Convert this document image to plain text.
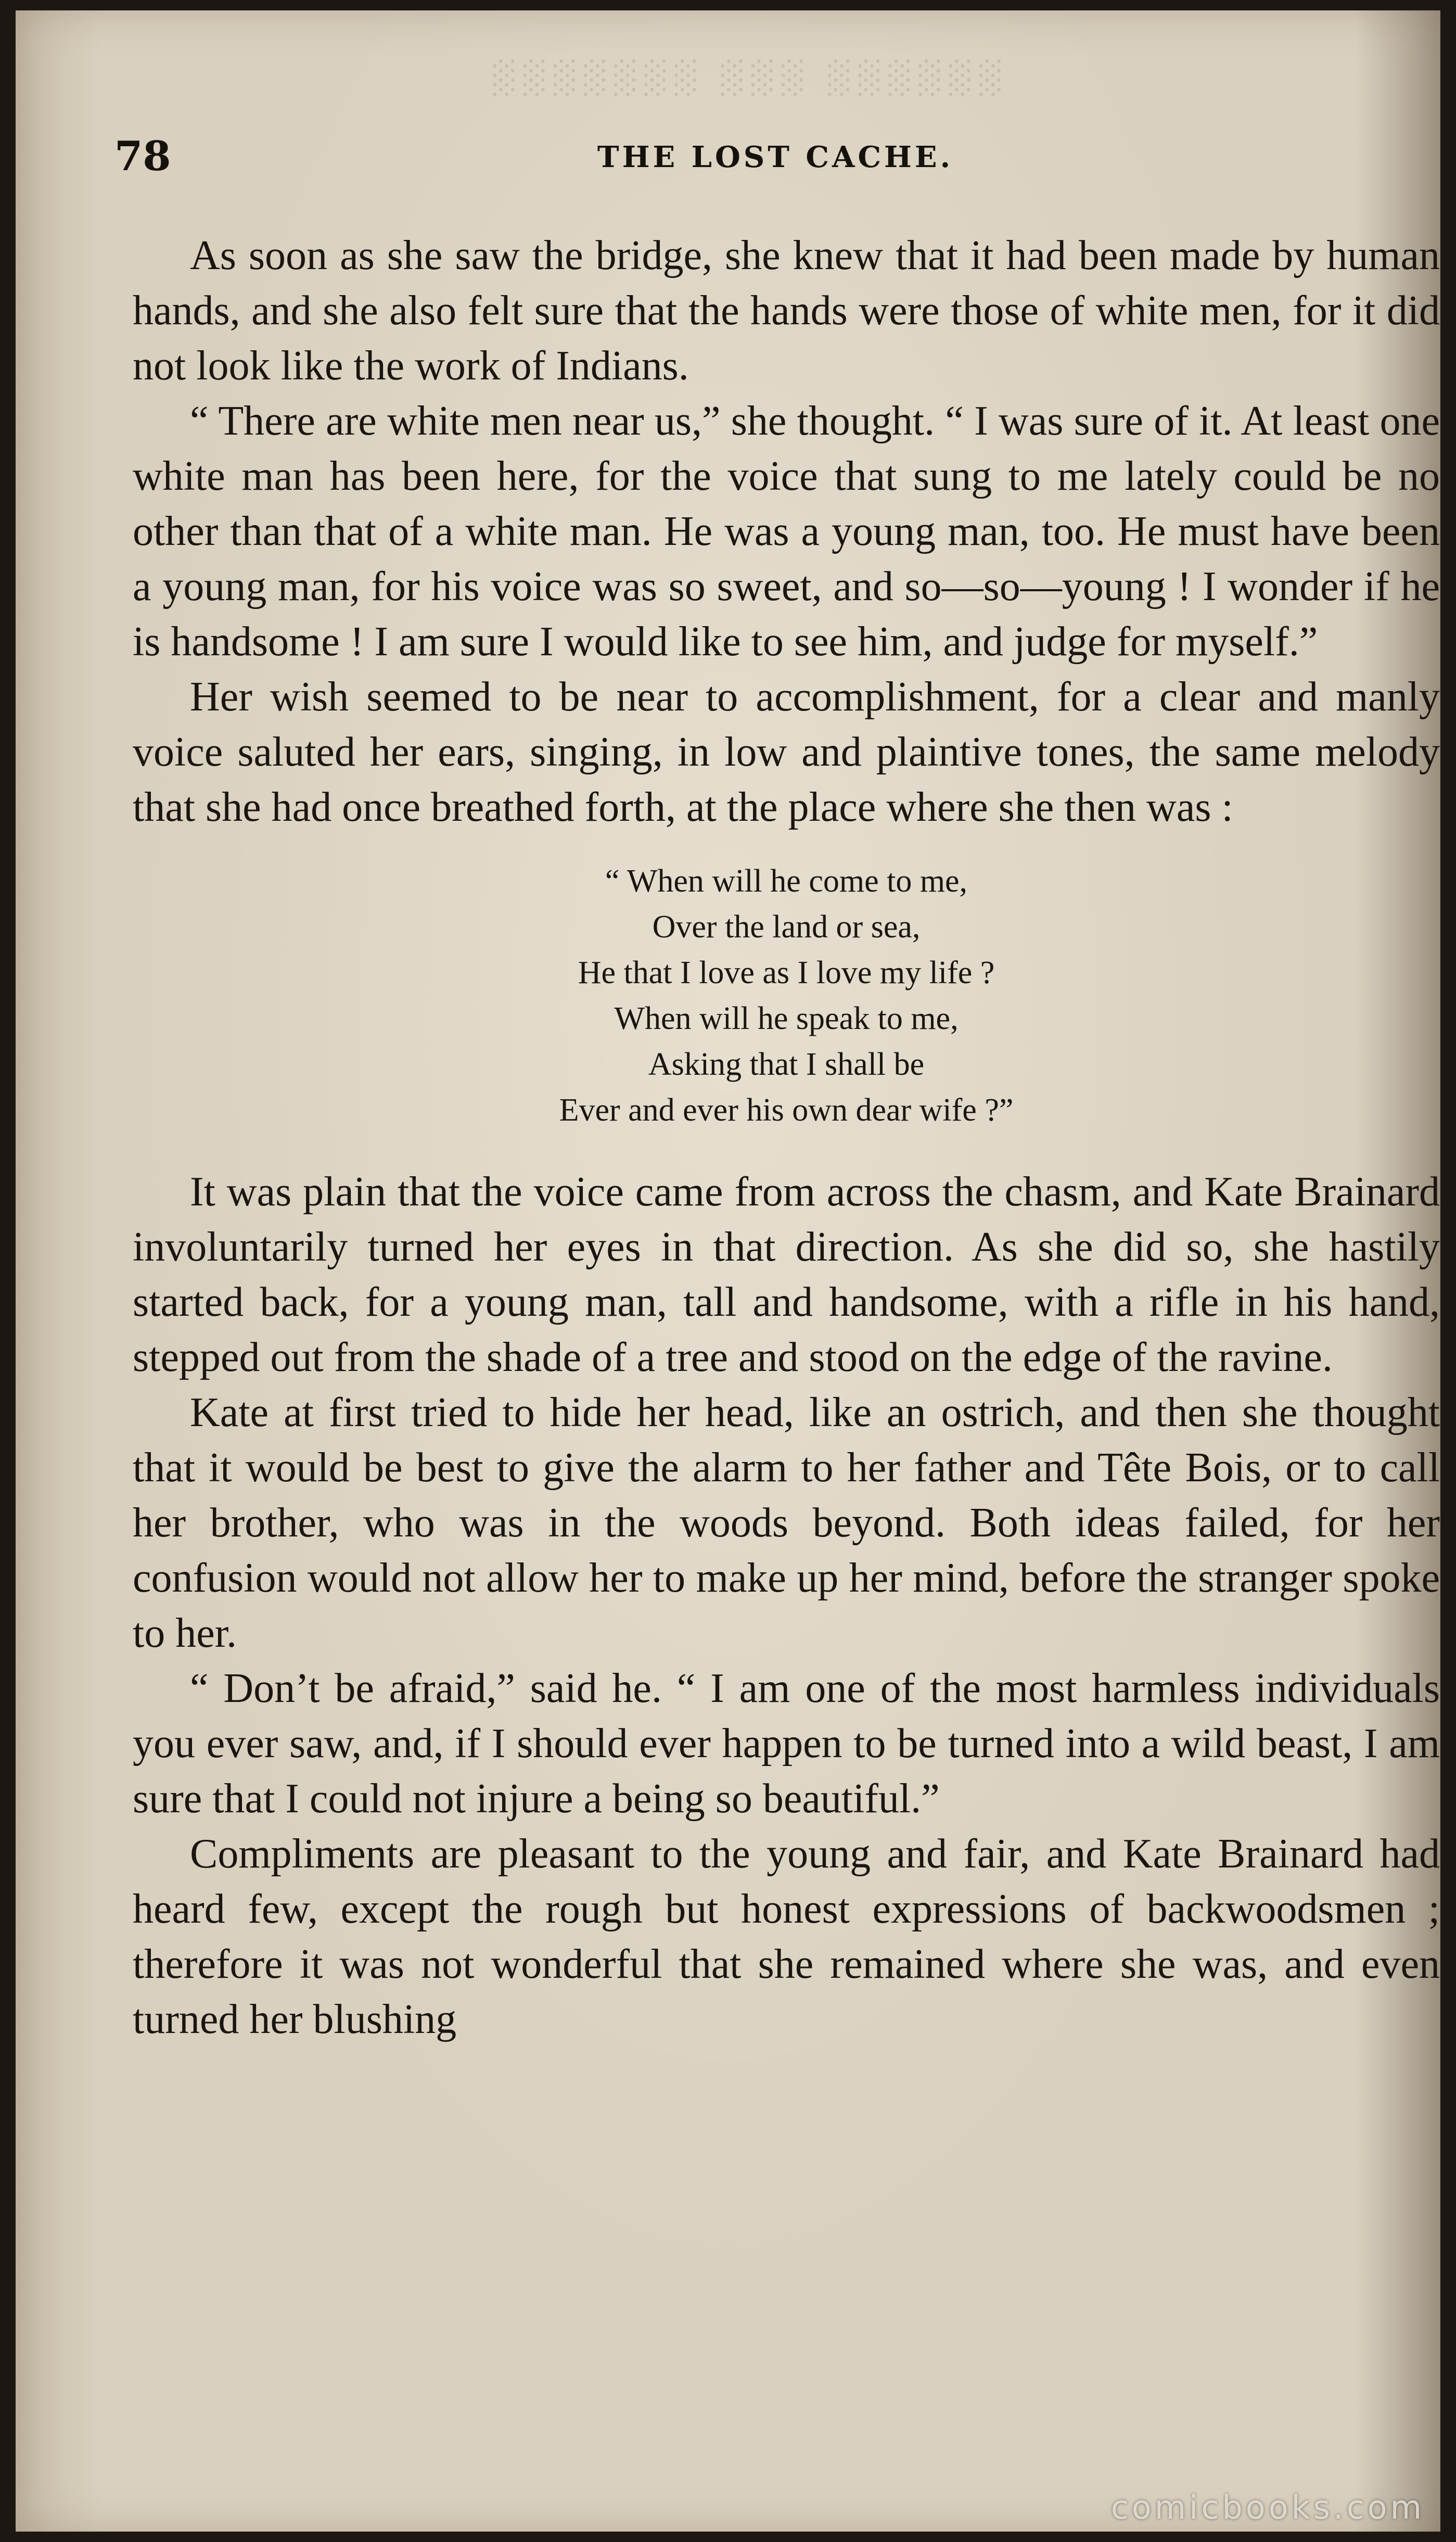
░░░░░░ ░░░ ░░░░░░░
78	THE LOST CACHE.

As soon as she saw the bridge, she knew that it had been made by human hands, and she also felt sure that the hands were those of white men, for it did not look like the work of Indians.

“ There are white men near us,” she thought. “ I was sure of it. At least one white man has been here, for the voice that sung to me lately could be no other than that of a white man. He was a young man, too. He must have been a young man, for his voice was so sweet, and so—so—young ! I wonder if he is handsome ! I am sure I would like to see him, and judge for myself.”

Her wish seemed to be near to accomplishment, for a clear and manly voice saluted her ears, singing, in low and plaintive tones, the same melody that she had once breathed forth, at the place where she then was :

“ When will he come to me,
Over the land or sea,
He that I love as I love my life ?
When will he speak to me,
Asking that I shall be
Ever and ever his own dear wife ?”

It was plain that the voice came from across the chasm, and Kate Brainard involuntarily turned her eyes in that direction. As she did so, she hastily started back, for a young man, tall and handsome, with a rifle in his hand, stepped out from the shade of a tree and stood on the edge of the ravine.

Kate at first tried to hide her head, like an ostrich, and then she thought that it would be best to give the alarm to her father and Tête Bois, or to call her brother, who was in the woods beyond. Both ideas failed, for her confusion would not allow her to make up her mind, before the stranger spoke to her.

“ Don’t be afraid,” said he. “ I am one of the most harmless individuals you ever saw, and, if I should ever happen to be turned into a wild beast, I am sure that I could not injure a being so beautiful.”

Compliments are pleasant to the young and fair, and Kate Brainard had heard few, except the rough but honest expressions of backwoodsmen ; therefore it was not wonderful that she remained where she was, and even turned her blushing

comicbooks.com
